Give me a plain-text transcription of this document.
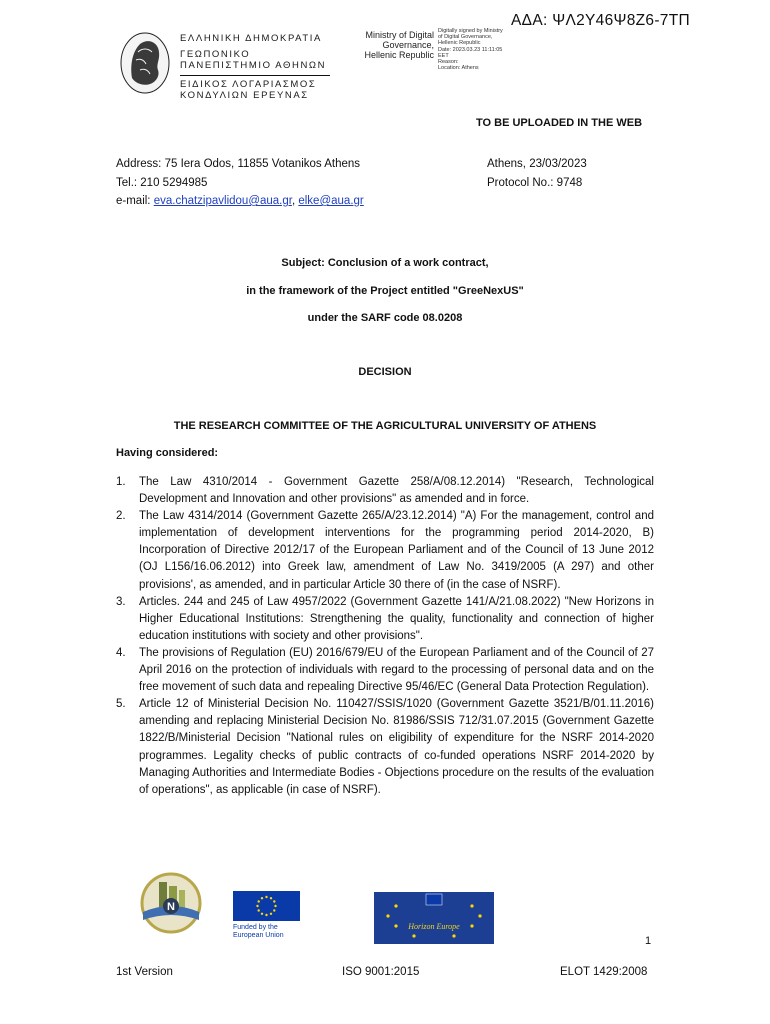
ΑΔΑ: ΨΛ2Υ46Ψ8Ζ6-7ΤΠ
ΕΛΛΗΝΙΚΗ ΔΗΜΟΚΡΑΤΙΑ
ΓΕΩΠΟΝΙΚΟ
ΠΑΝΕΠΙΣΤΗΜΙΟ ΑΘΗΝΩΝ
ΕΙΔΙΚΟΣ ΛΟΓΑΡΙΑΣΜΟΣ
ΚΟΝΔΥΛΙΩΝ ΕΡΕΥΝΑΣ
Ministry of Digital
Governance,
Hellenic Republic
Digitally signed by Ministry
of Digital Governance,
Hellenic Republic
Date: 2023.03.23 11:11:05
EET
Reason:
Location: Athens
TO BE UPLOADED IN THE WEB
Address: 75 Iera Odos, 11855 Votanikos Athens
Tel.: 210 5294985
e-mail: eva.chatzipavlidou@aua.gr, elke@aua.gr
Athens, 23/03/2023
Protocol No.: 9748
Subject: Conclusion of a work contract,
in the framework of the Project entitled "GreeNexUS"
under the SARF code 08.0208
DECISION
THE RESEARCH COMMITTEE OF THE AGRICULTURAL UNIVERSITY OF ATHENS
Having considered:
1. The Law 4310/2014 - Government Gazette 258/A/08.12.2014) "Research, Technological Development and Innovation and other provisions" as amended and in force.
2. The Law 4314/2014 (Government Gazette 265/A/23.12.2014) "A) For the management, control and implementation of development interventions for the programming period 2014-2020, B) Incorporation of Directive 2012/17 of the European Parliament and of the Council of 13 June 2012 (OJ L156/16.06.2012) into Greek law, amendment of Law No. 3419/2005 (A 297) and other provisions', as amended, and in particular Article 30 there of (in the case of NSRF).
3. Articles. 244 and 245 of Law 4957/2022 (Government Gazette 141/A/21.08.2022) "New Horizons in Higher Educational Institutions: Strengthening the quality, functionality and connection of higher education institutions with society and other provisions".
4. The provisions of Regulation (EU) 2016/679/EU of the European Parliament and of the Council of 27 April 2016 on the protection of individuals with regard to the processing of personal data and on the free movement of such data and repealing Directive 95/46/EC (General Data Protection Regulation).
5. Article 12 of Ministerial Decision No. 110427/SSIS/1020 (Government Gazette 3521/B/01.11.2016) amending and replacing Ministerial Decision No. 81986/SSIS 712/31.07.2015 (Government Gazette 1822/B/Ministerial Decision "National rules on eligibility of expenditure for the NSRF 2014-2020 programmes. Legality checks of public contracts of co-funded operations NSRF 2014-2020 by Managing Authorities and Intermediate Bodies - Objections procedure on the results of the evaluation of operations", as applicable (in case of NSRF).
N
Funded by the
European Union
Horizon Europe
1
1st Version	ISO 9001:2015	ELOT 1429:2008
